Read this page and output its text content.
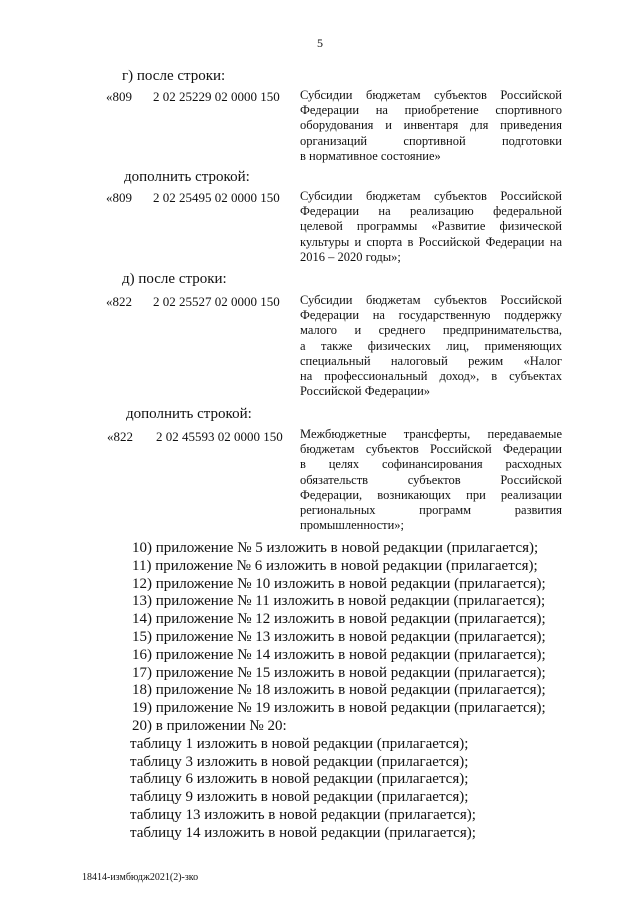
5
г) после строки:
«809 2 02 25229 02 0000 150 Субсидии бюджетам субъектов Российской
Федерации на приобретение спортивного
оборудования и инвентаря для приведения
организаций спортивной подготовки
в нормативное состояние»
дополнить строкой:
«809 2 02 25495 02 0000 150 Субсидии бюджетам субъектов Российской
Федерации на реализацию федеральной
целевой программы «Развитие физической
культуры и спорта в Российской Федерации на
2016 – 2020 годы»;
д) после строки:
«822 2 02 25527 02 0000 150 Субсидии бюджетам субъектов Российской
Федерации на государственную поддержку
малого и среднего предпринимательства,
а также физических лиц, применяющих
специальный налоговый режим «Налог
на профессиональный доход», в субъектах
Российской Федерации»
дополнить строкой:
«822 2 02 45593 02 0000 150 Межбюджетные трансферты, передаваемые
бюджетам субъектов Российской Федерации
в целях софинансирования расходных
обязательств субъектов Российской
Федерации, возникающих при реализации
региональных программ развития
промышленности»;
10) приложение № 5 изложить в новой редакции (прилагается);
11) приложение № 6 изложить в новой редакции (прилагается);
12) приложение № 10 изложить в новой редакции (прилагается);
13) приложение № 11 изложить в новой редакции (прилагается);
14) приложение № 12 изложить в новой редакции (прилагается);
15) приложение № 13 изложить в новой редакции (прилагается);
16) приложение № 14 изложить в новой редакции (прилагается);
17) приложение № 15 изложить в новой редакции (прилагается);
18) приложение № 18 изложить в новой редакции (прилагается);
19) приложение № 19 изложить в новой редакции (прилагается);
20) в приложении № 20:
таблицу 1 изложить в новой редакции (прилагается);
таблицу 3 изложить в новой редакции (прилагается);
таблицу 6 изложить в новой редакции (прилагается);
таблицу 9 изложить в новой редакции (прилагается);
таблицу 13 изложить в новой редакции (прилагается);
таблицу 14 изложить в новой редакции (прилагается);
18414-измбюдж2021(2)-зко
